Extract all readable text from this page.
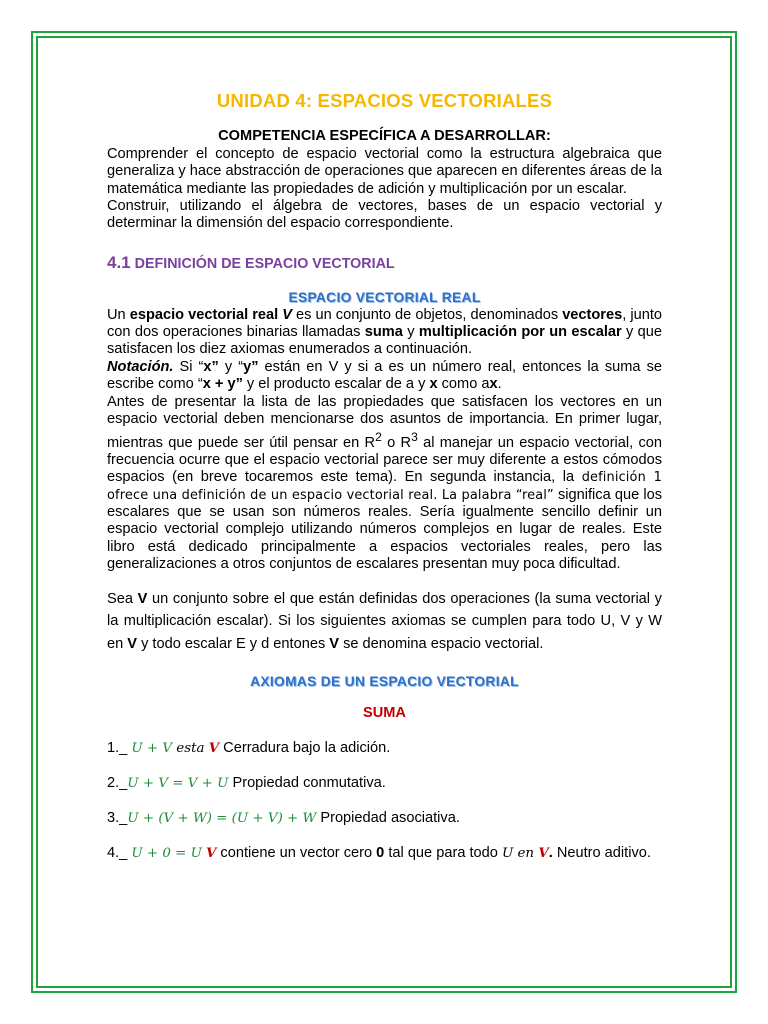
UNIDAD 4: ESPACIOS VECTORIALES
COMPETENCIA ESPECÍFICA A DESARROLLAR:

Comprender el concepto de espacio vectorial como la estructura algebraica que generaliza y hace abstracción de operaciones que aparecen en diferentes áreas de la matemática mediante las propiedades de adición y multiplicación por un escalar.

Construir, utilizando el álgebra de vectores, bases de un espacio vectorial y determinar la dimensión del espacio correspondiente.

4.1 DEFINICIÓN DE ESPACIO VECTORIAL
ESPACIO VECTORIAL REAL

Un espacio vectorial real V es un conjunto de objetos, denominados vectores, junto con dos operaciones binarias llamadas suma y multiplicación por un escalar y que satisfacen los diez axiomas enumerados a continuación.

Notación. Si “x” y “y” están en V y si a es un número real, entonces la suma se escribe como “x + y” y el producto escalar de a y x como ax.

Antes de presentar la lista de las propiedades que satisfacen los vectores en un espacio vectorial deben mencionarse dos asuntos de importancia. En primer lugar, mientras que puede ser útil pensar en $R^2$ o $R^3$ al manejar un espacio vectorial, con frecuencia ocurre que el espacio vectorial parece ser muy diferente a estos cómodos espacios (en breve tocaremos este tema). En segunda instancia, la definición 1 ofrece una definición de un espacio vectorial real. La palabra “real” significa que los escalares que se usan son números reales. Sería igualmente sencillo definir un espacio vectorial complejo utilizando números complejos en lugar de reales. Este libro está dedicado principalmente a espacios vectoriales reales, pero las generalizaciones a otros conjuntos de escalares presentan muy poca dificultad.

Sea V un conjunto sobre el que están definidas dos operaciones (la suma vectorial y la multiplicación escalar). Si los siguientes axiomas se cumplen para todo U, V y W en V y todo escalar E y d entones V se denomina espacio vectorial.

AXIOMAS DE UN ESPACIO VECTORIAL
SUMA

1._ U + V esta V Cerradura bajo la adición.

2._U + V = V + U Propiedad conmutativa.

3._U + (V + W) = (U + V) + W Propiedad asociativa.

4._ U + 0 = U V contiene un vector cero 0 tal que para todo U en V. Neutro aditivo.
